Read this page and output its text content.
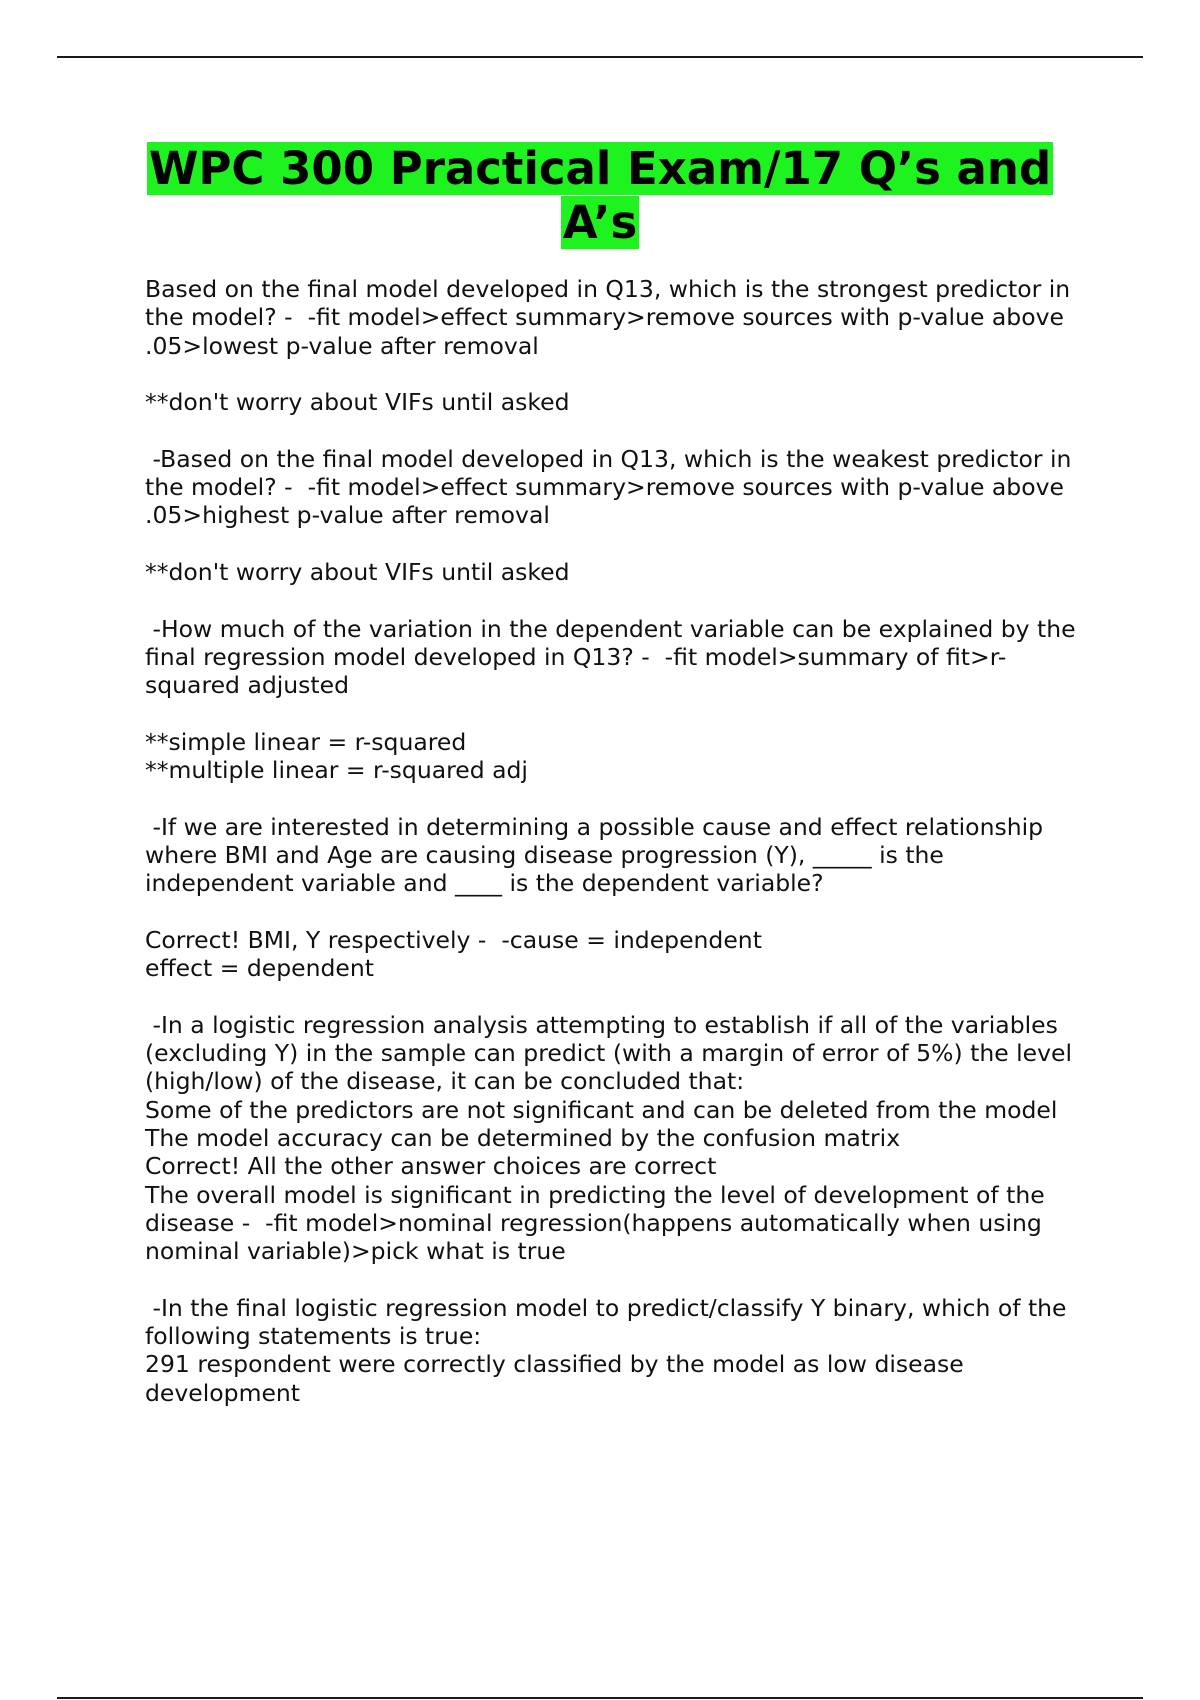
WPC 300 Practical Exam/17 Q’s and A’s

Based on the final model developed in Q13, which is the strongest predictor in the model? -  -fit model>effect summary>remove sources with p-value above .05>lowest p-value after removal

**don't worry about VIFs until asked

-Based on the final model developed in Q13, which is the weakest predictor in the model? -  -fit model>effect summary>remove sources with p-value above .05>highest p-value after removal

**don't worry about VIFs until asked

-How much of the variation in the dependent variable can be explained by the final regression model developed in Q13? -  -fit model>summary of fit>r-squared adjusted

**simple linear = r-squared
**multiple linear = r-squared adj

-If we are interested in determining a possible cause and effect relationship where BMI and Age are causing disease progression (Y), _____ is the independent variable and ____ is the dependent variable?

Correct! BMI, Y respectively -  -cause = independent
effect = dependent

-In a logistic regression analysis attempting to establish if all of the variables (excluding Y) in the sample can predict (with a margin of error of 5%) the level (high/low) of the disease, it can be concluded that:
Some of the predictors are not significant and can be deleted from the model
The model accuracy can be determined by the confusion matrix
Correct! All the other answer choices are correct
The overall model is significant in predicting the level of development of the disease -  -fit model>nominal regression(happens automatically when using nominal variable)>pick what is true

-In the final logistic regression model to predict/classify Y binary, which of the following statements is true:
291 respondent were correctly classified by the model as low disease development
